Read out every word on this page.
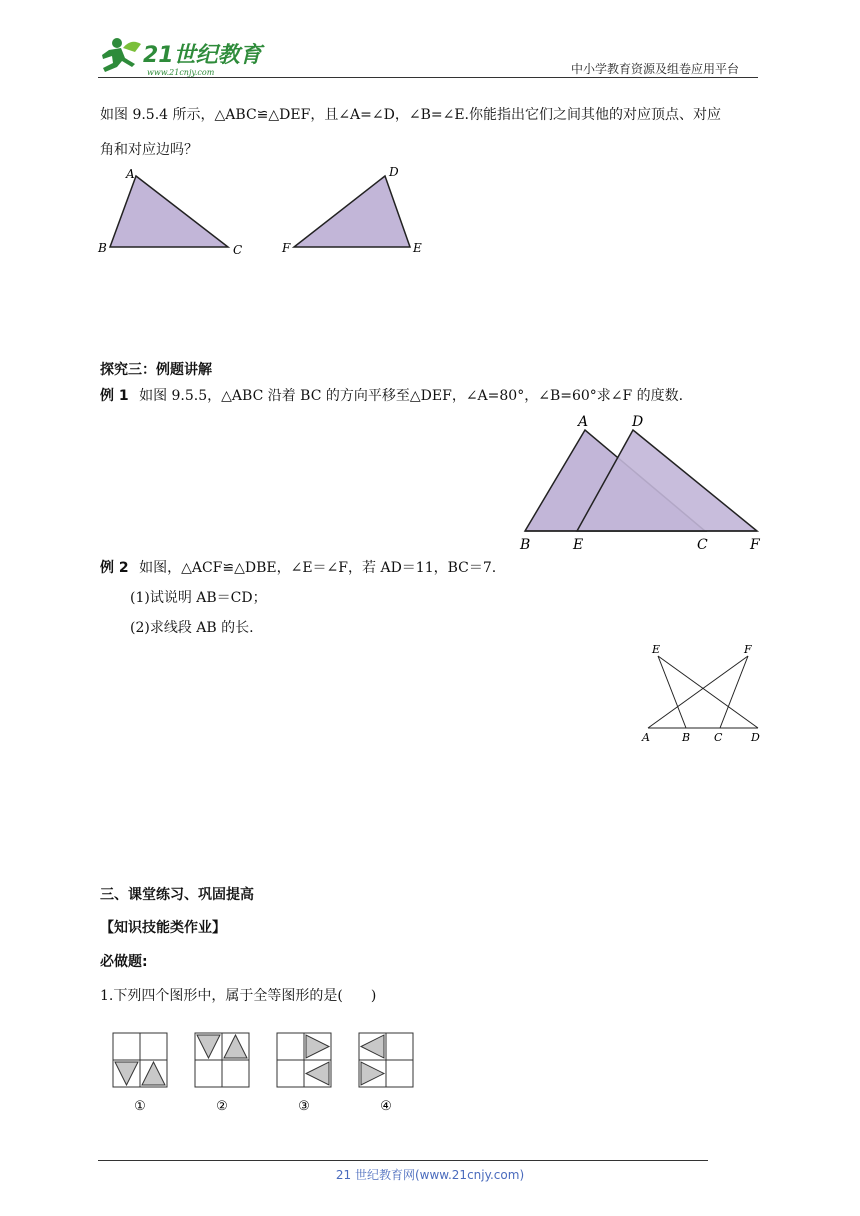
21世纪教育
www.21cnjy.com	中小学教育资源及组卷应用平台
如图 9.5.4 所示，△ABC≌△DEF，且∠A=∠D，∠B=∠E.你能指出它们之间其他的对应顶点、对应
角和对应边吗？
A
B	C
D
E
F
探究三：例题讲解
例 1 如图 9.5.5，△ABC 沿着 BC 的方向平移至△DEF，∠A=80°，∠B=60°求∠F 的度数.
A	D
B	E	C	F
例 2 如图，△ACF≌△DBE，∠E＝∠F，若 AD＝11，BC＝7.
(1)试说明 AB＝CD；
(2)求线段 AB 的长.
E	F
A	B C	D
三、课堂练习、巩固提高
【知识技能类作业】
必做题:
1.下列四个图形中，属于全等图形的是(　　)
①	②	③	④
21 世纪教育网(www.21cnjy.com)
